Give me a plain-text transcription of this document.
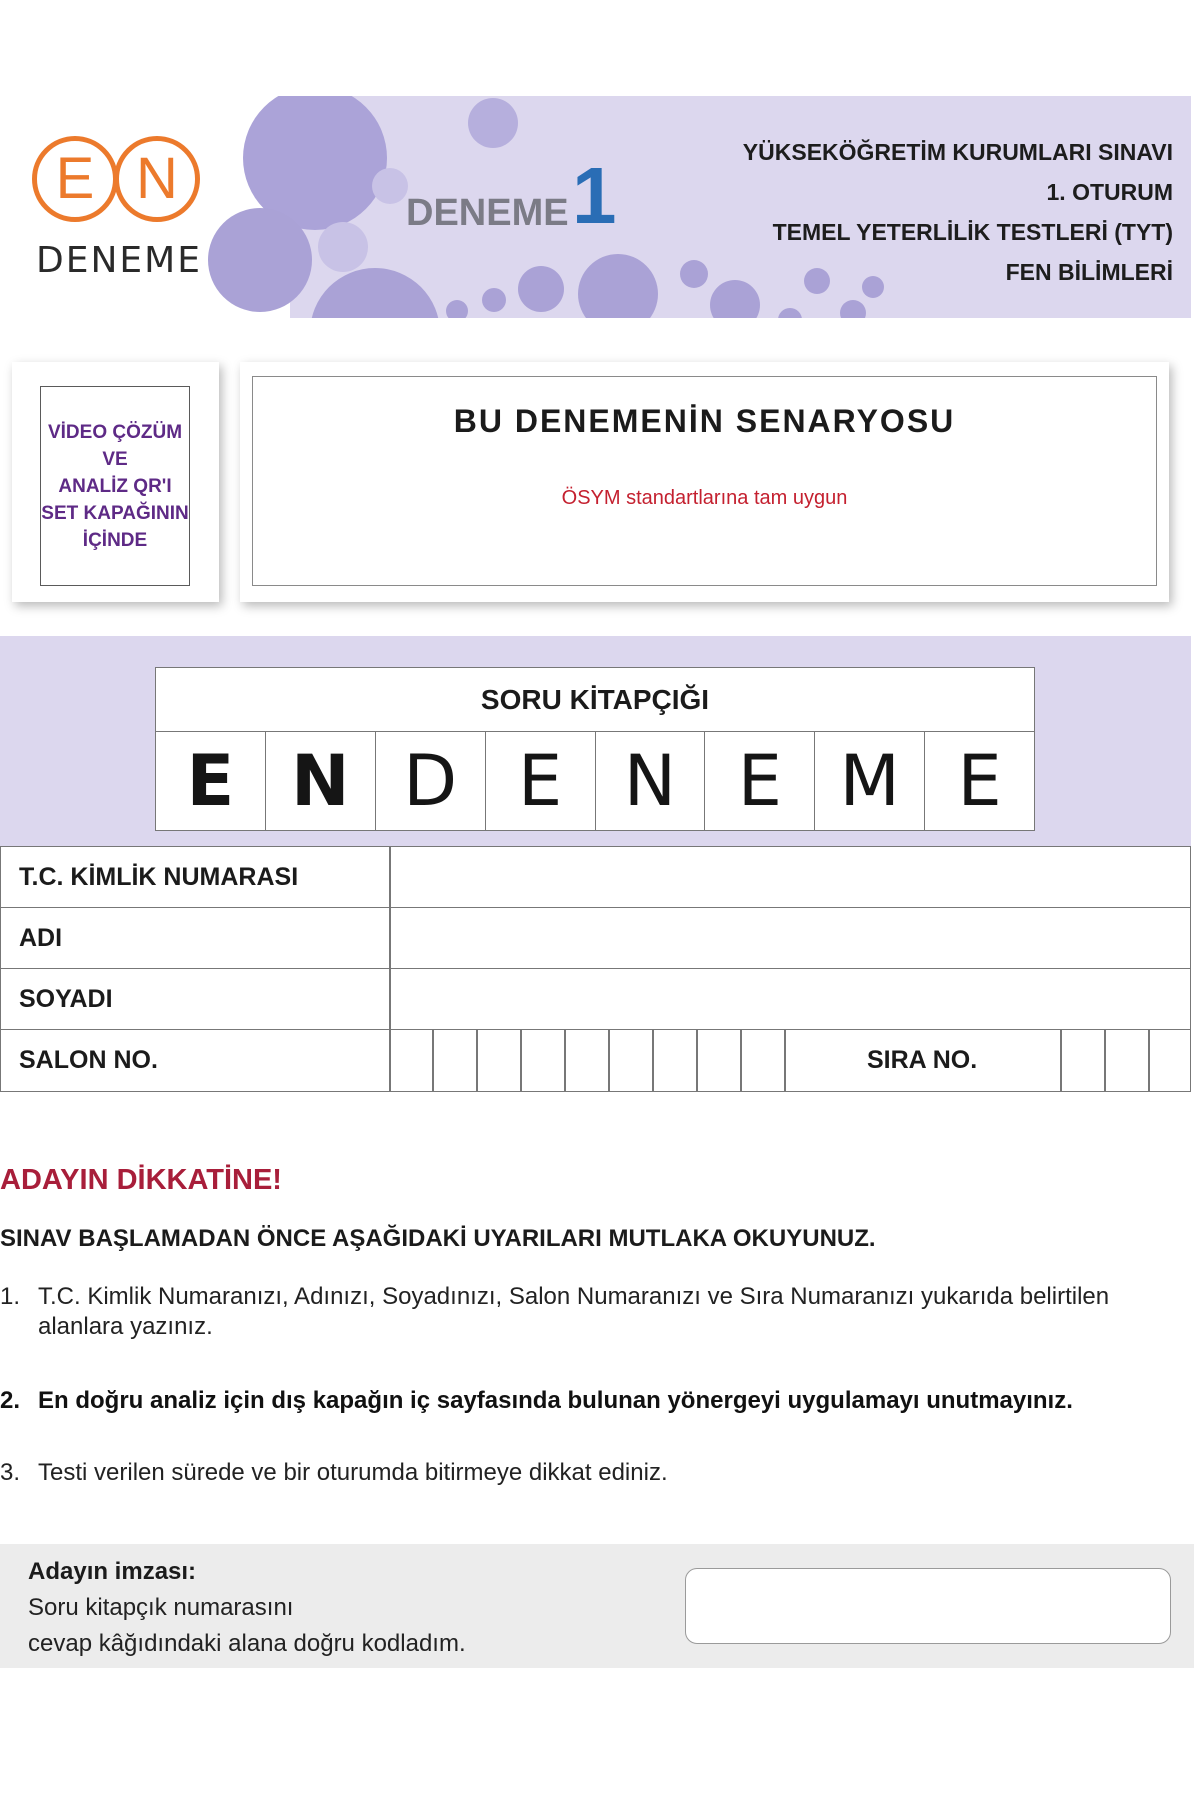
E N
DENEME
DENEME 1	YÜKSEKÖĞRETİM KURUMLARI SINAVI
1. OTURUM
TEMEL YETERLİLİK TESTLERİ (TYT)
FEN BİLİMLERİ
VİDEO ÇÖZÜM
VE
ANALİZ QR'I
SET KAPAĞININ
İÇİNDE
BU DENEMENİN SENARYOSU
ÖSYM standartlarına tam uygun
SORU KİTAPÇIĞI
E N D E N E M E
T.C. KİMLİK NUMARASI
ADI
SOYADI
SALON NO.	SIRA NO.
ADAYIN DİKKATİNE!
SINAV BAŞLAMADAN ÖNCE AŞAĞIDAKİ UYARILARI MUTLAKA OKUYUNUZ.
1. T.C. Kimlik Numaranızı, Adınızı, Soyadınızı, Salon Numaranızı ve Sıra Numaranızı yukarıda belirtilen alanlara yazınız.
2. En doğru analiz için dış kapağın iç sayfasında bulunan yönergeyi uygulamayı unutmayınız.
3. Testi verilen sürede ve bir oturumda bitirmeye dikkat ediniz.
Adayın imzası:
Soru kitapçık numarasını
cevap kâğıdındaki alana doğru kodladım.
